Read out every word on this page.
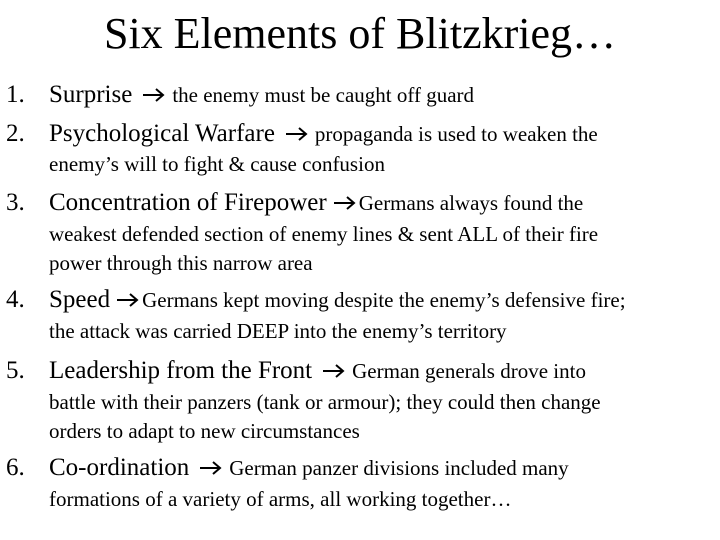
Six Elements of Blitzkrieg…
1. Surprise the enemy must be caught off guard
2. Psychological Warfare propaganda is used to weaken the
enemy’s will to fight & cause confusion
3. Concentration of Firepower Germans always found the
weakest defended section of enemy lines & sent ALL of their fire
power through this narrow area
4. Speed Germans kept moving despite the enemy’s defensive fire;
the attack was carried DEEP into the enemy’s territory
5. Leadership from the Front German generals drove into
battle with their panzers (tank or armour); they could then change
orders to adapt to new circumstances
6. Co-ordination German panzer divisions included many
formations of a variety of arms, all working together…
